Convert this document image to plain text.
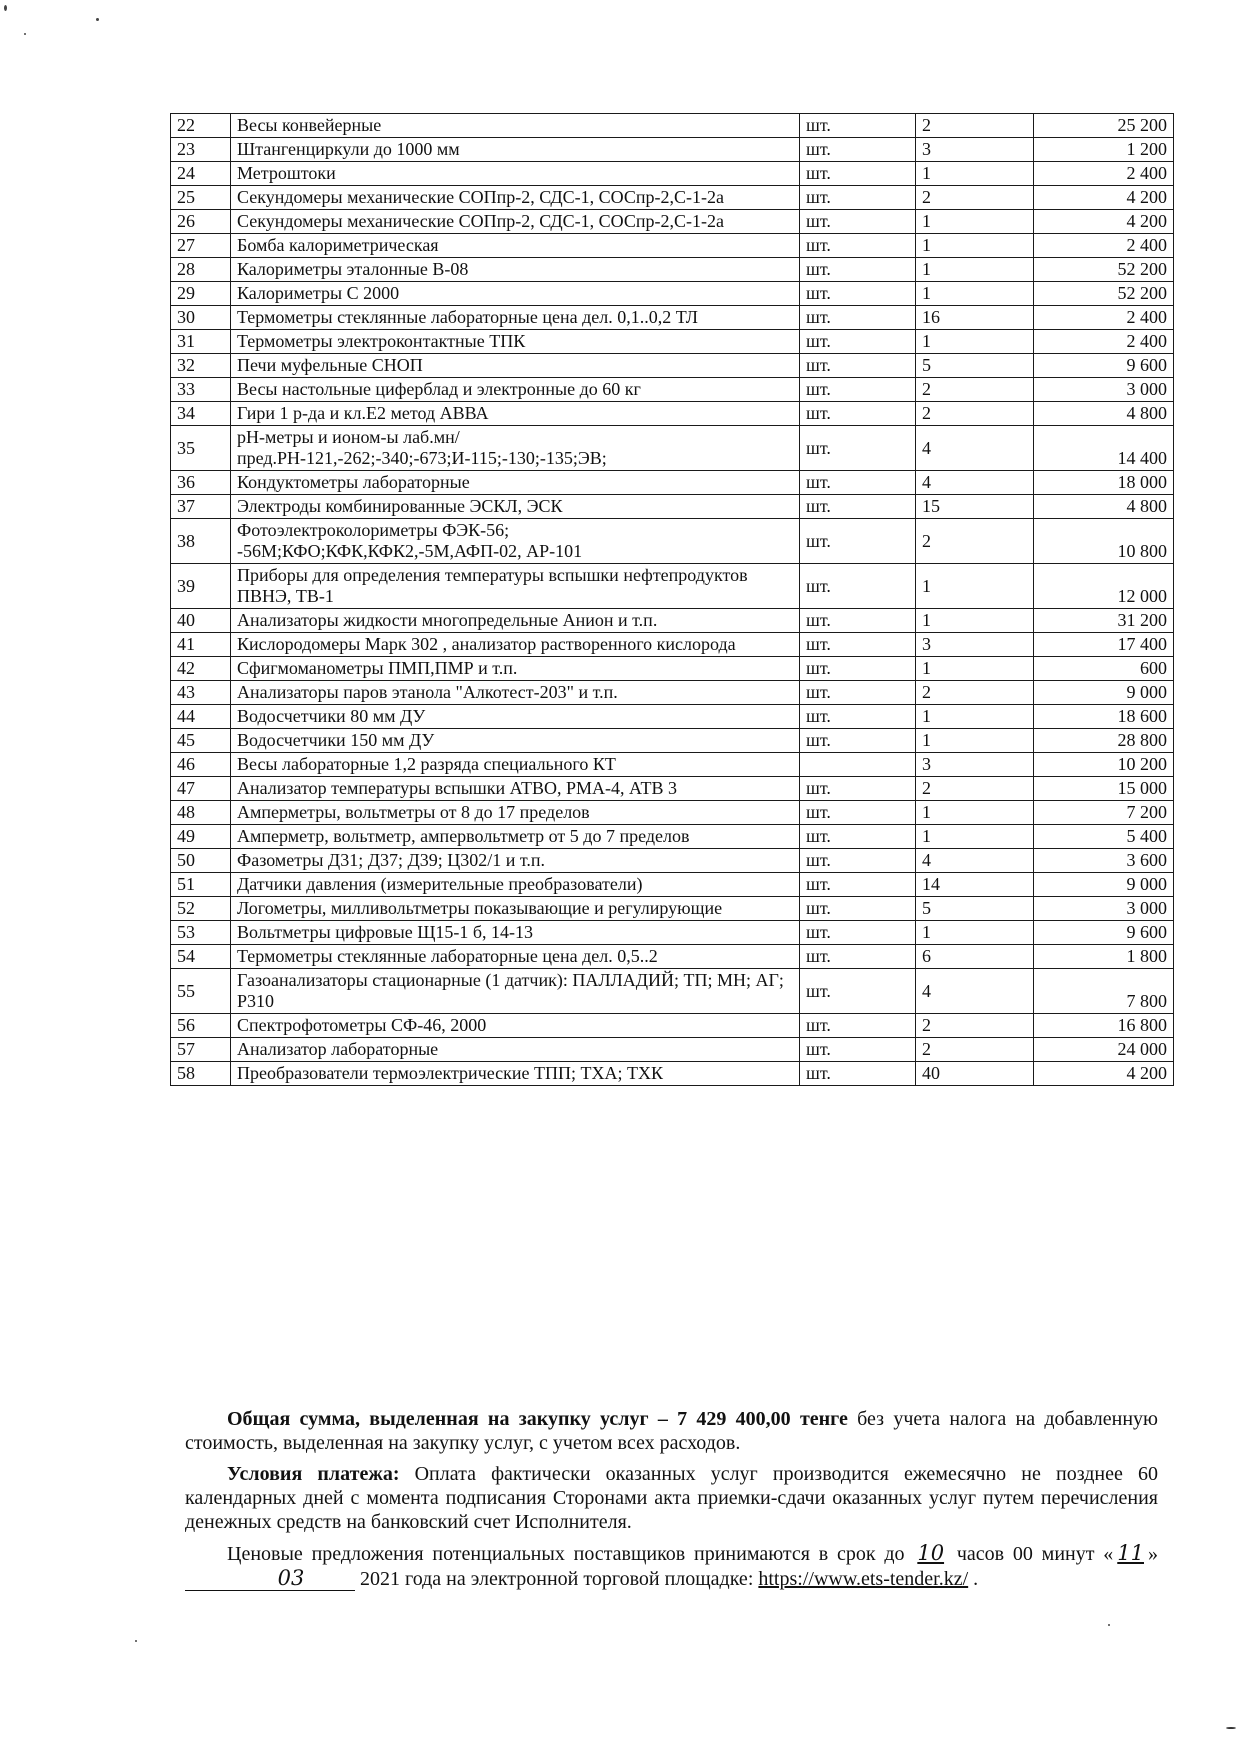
22	Весы конвейерные	шт.	2	25 200
23	Штангенциркули до 1000 мм	шт.	3	1 200
24	Метроштоки	шт.	1	2 400
25	Секундомеры механические СОПпр-2, СДС-1, СОСпр-2,С-1-2а	шт.	2	4 200
26	Секундомеры механические СОПпр-2, СДС-1, СОСпр-2,С-1-2а	шт.	1	4 200
27	Бомба калориметрическая	шт.	1	2 400
28	Калориметры эталонные В-08	шт.	1	52 200
29	Калориметры С 2000	шт.	1	52 200
30	Термометры стеклянные лабораторные цена дел. 0,1..0,2 ТЛ	шт.	16	2 400
31	Термометры электроконтактные ТПК	шт.	1	2 400
32	Печи муфельные СНОП	шт.	5	9 600
33	Весы настольные циферблад и электронные до 60 кг	шт.	2	3 000
34	Гири 1 р-да и кл.Е2 метод АВВА	шт.	2	4 800
35	рН-метры и ионом-ы лаб.мн/пред.РН-121,-262;-340;-673;И-115;-130;-135;ЭВ;	шт.	4	14 400
36	Кондуктометры лабораторные	шт.	4	18 000
37	Электроды комбинированные ЭСКЛ, ЭСК	шт.	15	4 800
38	Фотоэлектроколориметры ФЭК-56; -56М;КФО;КФК,КФК2,-5М,АФП-02, АР-101	шт.	2	10 800
39	Приборы для определения температуры вспышки нефтепродуктов ПВНЭ, ТВ-1	шт.	1	12 000
40	Анализаторы жидкости многопредельные Анион и т.п.	шт.	1	31 200
41	Кислородомеры Марк 302 , анализатор растворенного кислорода	шт.	3	17 400
42	Сфигмоманометры ПМП,ПМР и т.п.	шт.	1	600
43	Анализаторы паров этанола "Алкотест-203" и т.п.	шт.	2	9 000
44	Водосчетчики 80 мм ДУ	шт.	1	18 600
45	Водосчетчики 150 мм ДУ	шт.	1	28 800
46	Весы лабораторные 1,2 разряда специального КТ		3	10 200
47	Анализатор температуры вспышки АТВО, РМА-4, АТВ 3	шт.	2	15 000
48	Амперметры, вольтметры от 8 до 17 пределов	шт.	1	7 200
49	Амперметр, вольтметр, ампервольтметр от 5 до 7 пределов	шт.	1	5 400
50	Фазометры Д31; Д37; Д39; Ц302/1 и т.п.	шт.	4	3 600
51	Датчики давления (измерительные преобразователи)	шт.	14	9 000
52	Логометры, милливольтметры показывающие и регулирующие	шт.	5	3 000
53	Вольтметры цифровые Щ15-1 б, 14-13	шт.	1	9 600
54	Термометры стеклянные лабораторные цена дел. 0,5..2	шт.	6	1 800
55	Газоанализаторы стационарные (1 датчик): ПАЛЛАДИЙ; ТП; МН; АГ; Р310	шт.	4	7 800
56	Спектрофотометры СФ-46, 2000	шт.	2	16 800
57	Анализатор лабораторные	шт.	2	24 000
58	Преобразователи термоэлектрические ТПП; ТХА; ТХК	шт.	40	4 200

Общая сумма, выделенная на закупку услуг – 7 429 400,00 тенге без учета налога на добавленную стоимость, выделенная на закупку услуг, с учетом всех расходов.

Условия платежа: Оплата фактически оказанных услуг производится ежемесячно не позднее 60 календарных дней с момента подписания Сторонами акта приемки-сдачи оказанных услуг путем перечисления денежных средств на банковский счет Исполнителя.

Ценовые предложения потенциальных поставщиков принимаются в срок до 10 часов 00 минут « 11 » 03	2021 года на электронной торговой площадке: https://www.ets-tender.kz/ .
